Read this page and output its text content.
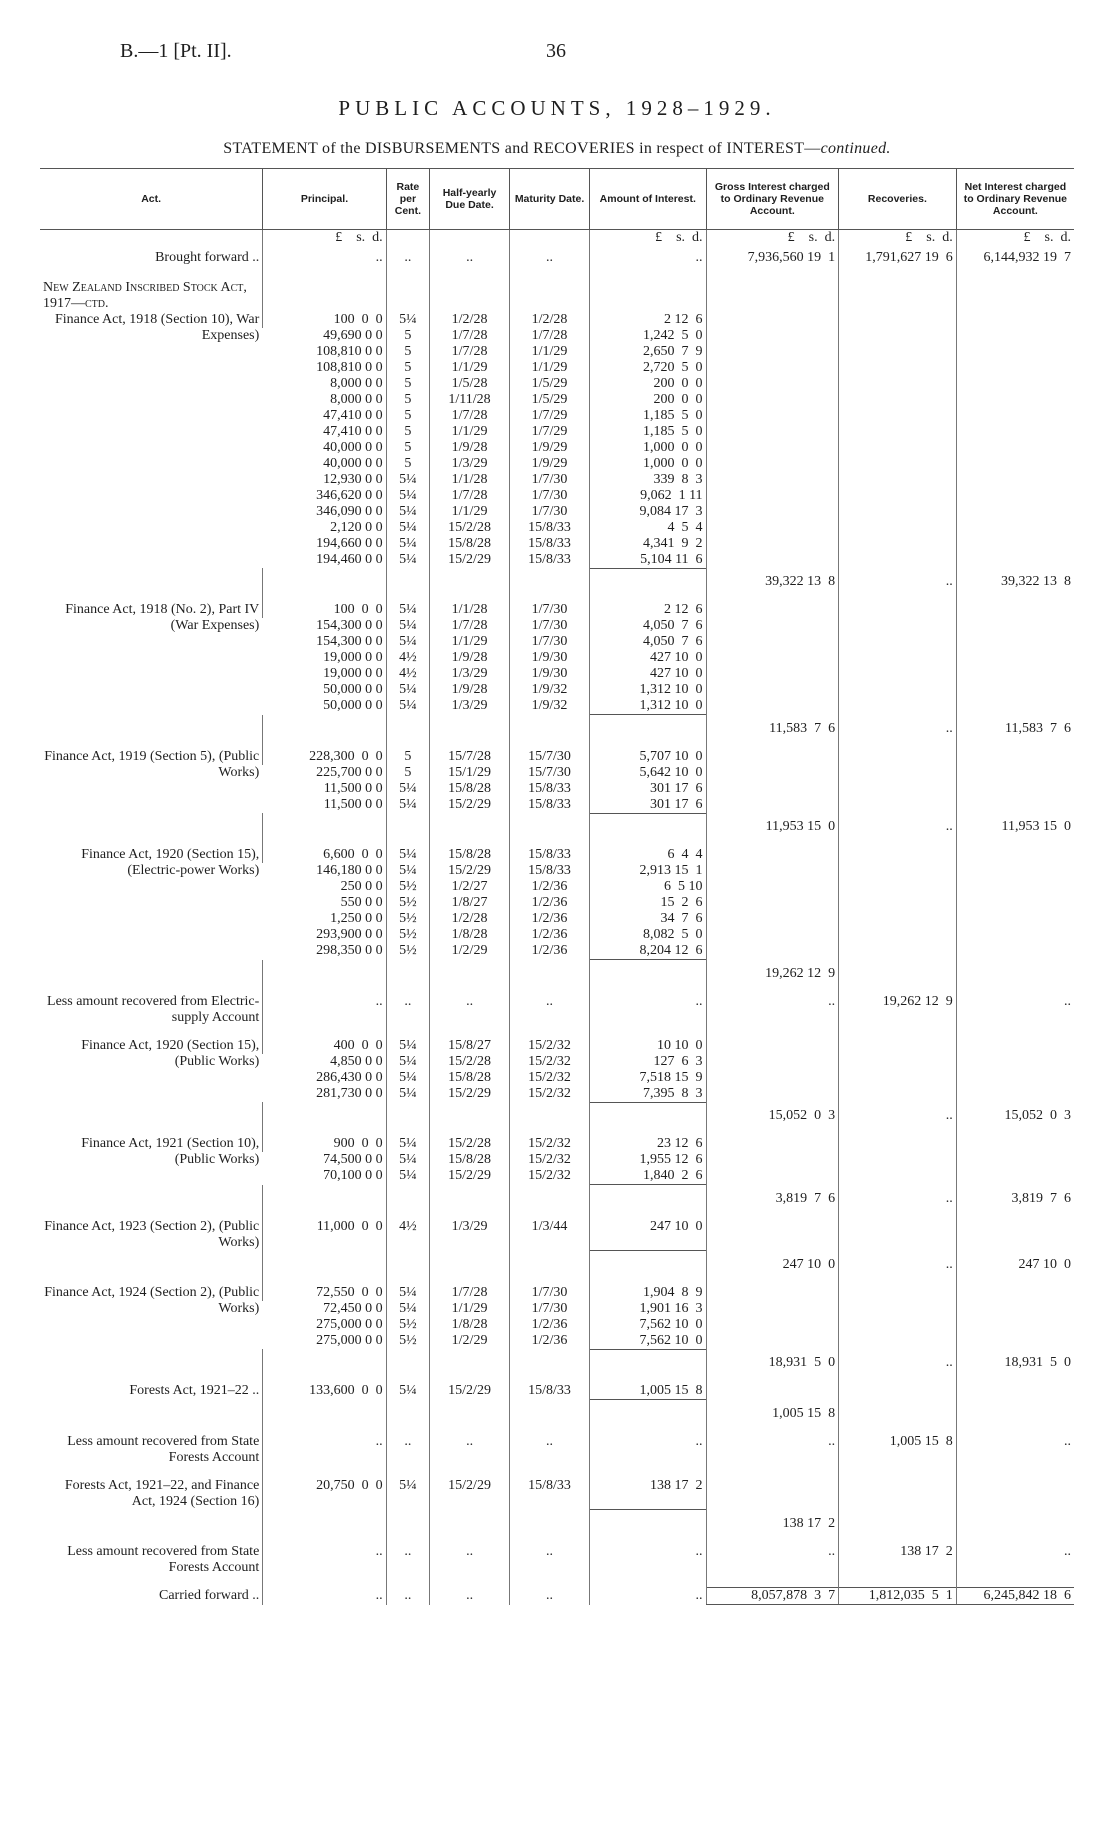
B.—1 [Pt. II].	36
PUBLIC ACCOUNTS, 1928–1929.
STATEMENT of the DISBURSEMENTS and RECOVERIES in respect of INTEREST—continued.
Act.	Principal.	Rate per Cent.	Half-yearly Due Date.	Maturity Date.	Amount of Interest.	Gross Interest charged to Ordinary Revenue Account.	Recoveries.	Net Interest charged to Ordinary Revenue Account.
	£    s.  d.				£    s.  d.	£    s.  d.	£    s.  d.	£    s.  d.
Brought forward ..	..	..	..	..	..	7,936,560 19  1	1,791,627 19  6	6,144,932 19  7

New Zealand Inscribed Stock Act, 1917—ctd.								
Finance Act, 1918 (Section 10), War Expenses)	100  0  0	5¼	1/2/28	1/2/28	2 12  6			
	49,690 0 0	5	1/7/28	1/7/28	1,242  5  0			
	108,810 0 0	5	1/7/28	1/1/29	2,650  7  9			
	108,810 0 0	5	1/1/29	1/1/29	2,720  5  0			
	8,000 0 0	5	1/5/28	1/5/29	200  0  0			
	8,000 0 0	5	1/11/28	1/5/29	200  0  0			
	47,410 0 0	5	1/7/28	1/7/29	1,185  5  0			
	47,410 0 0	5	1/1/29	1/7/29	1,185  5  0			
	40,000 0 0	5	1/9/28	1/9/29	1,000  0  0			
	40,000 0 0	5	1/3/29	1/9/29	1,000  0  0			
	12,930 0 0	5¼	1/1/28	1/7/30	339  8  3			
	346,620 0 0	5¼	1/7/28	1/7/30	9,062  1 11			
	346,090 0 0	5¼	1/1/29	1/7/30	9,084 17  3			
	2,120 0 0	5¼	15/2/28	15/8/33	4  5  4			
	194,660 0 0	5¼	15/8/28	15/8/33	4,341  9  2			
	194,460 0 0	5¼	15/2/29	15/8/33	5,104 11  6			
						39,322 13  8	..	39,322 13  8

Finance Act, 1918 (No. 2), Part IV (War Expenses)	100  0  0	5¼	1/1/28	1/7/30	2 12  6			
	154,300 0 0	5¼	1/7/28	1/7/30	4,050  7  6			
	154,300 0 0	5¼	1/1/29	1/7/30	4,050  7  6			
	19,000 0 0	4½	1/9/28	1/9/30	427 10  0			
	19,000 0 0	4½	1/3/29	1/9/30	427 10  0			
	50,000 0 0	5¼	1/9/28	1/9/32	1,312 10  0			
	50,000 0 0	5¼	1/3/29	1/9/32	1,312 10  0			
						11,583  7  6	..	11,583  7  6

Finance Act, 1919 (Section 5), (Public Works)	228,300  0  0	5	15/7/28	15/7/30	5,707 10  0			
	225,700 0 0	5	15/1/29	15/7/30	5,642 10  0			
	11,500 0 0	5¼	15/8/28	15/8/33	301 17  6			
	11,500 0 0	5¼	15/2/29	15/8/33	301 17  6			
						11,953 15  0	..	11,953 15  0

Finance Act, 1920 (Section 15), (Electric-power Works)	6,600  0  0	5¼	15/8/28	15/8/33	6  4  4			
	146,180 0 0	5¼	15/2/29	15/8/33	2,913 15  1			
	250 0 0	5½	1/2/27	1/2/36	6  5 10			
	550 0 0	5½	1/8/27	1/2/36	15  2  6			
	1,250 0 0	5½	1/2/28	1/2/36	34  7  6			
	293,900 0 0	5½	1/8/28	1/2/36	8,082  5  0			
	298,350 0 0	5½	1/2/29	1/2/36	8,204 12  6			
						19,262 12  9		

Less amount recovered from Electric-supply Account	..	..	..	..	..	..	19,262 12  9	..

Finance Act, 1920 (Section 15), (Public Works)	400  0  0	5¼	15/8/27	15/2/32	10 10  0			
	4,850 0 0	5¼	15/2/28	15/2/32	127  6  3			
	286,430 0 0	5¼	15/8/28	15/2/32	7,518 15  9			
	281,730 0 0	5¼	15/2/29	15/2/32	7,395  8  3			
						15,052  0  3	..	15,052  0  3

Finance Act, 1921 (Section 10), (Public Works)	900  0  0	5¼	15/2/28	15/2/32	23 12  6			
	74,500 0 0	5¼	15/8/28	15/2/32	1,955 12  6			
	70,100 0 0	5¼	15/2/29	15/2/32	1,840  2  6			
						3,819  7  6	..	3,819  7  6

Finance Act, 1923 (Section 2), (Public Works)	11,000  0  0	4½	1/3/29	1/3/44	247 10  0			
						247 10  0	..	247 10  0

Finance Act, 1924 (Section 2), (Public Works)	72,550  0  0	5¼	1/7/28	1/7/30	1,904  8  9			
	72,450 0 0	5¼	1/1/29	1/7/30	1,901 16  3			
	275,000 0 0	5½	1/8/28	1/2/36	7,562 10  0			
	275,000 0 0	5½	1/2/29	1/2/36	7,562 10  0			
						18,931  5  0	..	18,931  5  0

Forests Act, 1921–22 ..	133,600  0  0	5¼	15/2/29	15/8/33	1,005 15  8			
						1,005 15  8		

Less amount recovered from State Forests Account	..	..	..	..	..	..	1,005 15  8	..

Forests Act, 1921–22, and Finance Act, 1924 (Section 16)	20,750  0  0	5¼	15/2/29	15/8/33	138 17  2			
						138 17  2		

Less amount recovered from State Forests Account	..	..	..	..	..	..	138 17  2	..

Carried forward ..	..	..	..	..	..	8,057,878  3  7	1,812,035  5  1	6,245,842 18  6
